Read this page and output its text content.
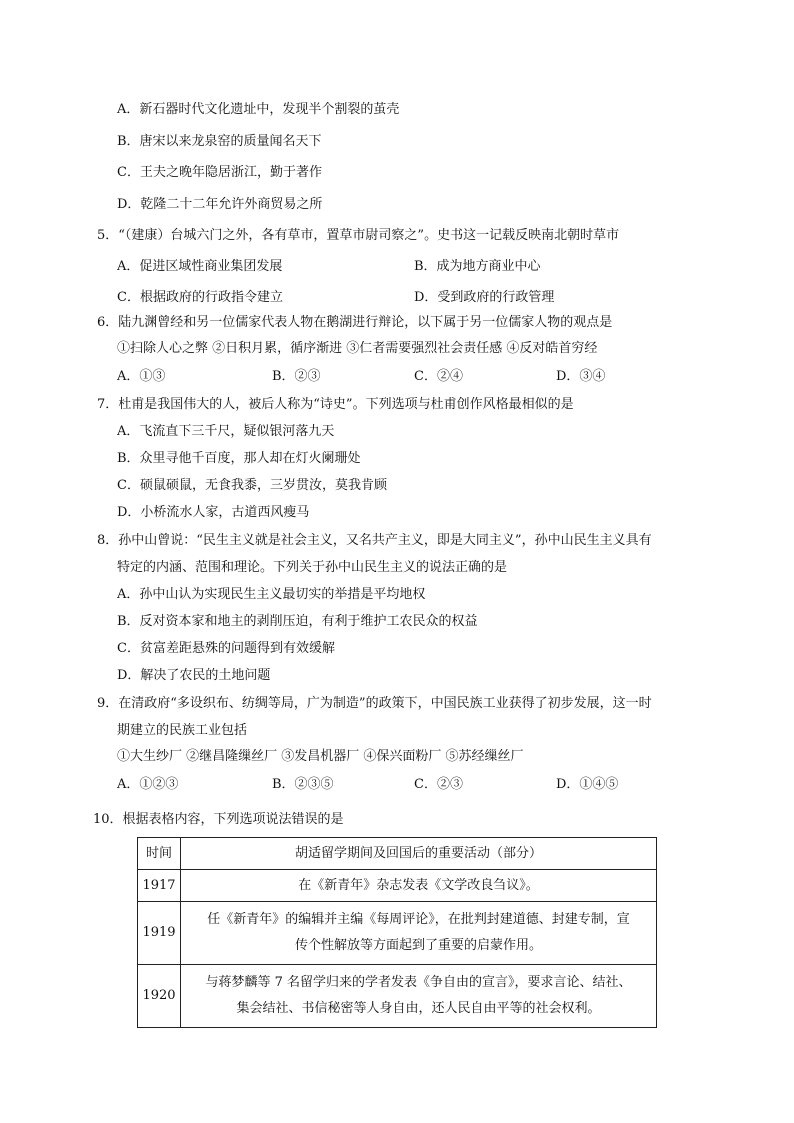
A．新石器时代文化遗址中，发现半个割裂的茧壳
B．唐宋以来龙泉窑的质量闻名天下
C．王夫之晚年隐居浙江，勤于著作
D．乾隆二十二年允许外商贸易之所
5．“（建康）台城六门之外，各有草市，置草市尉司察之”。史书这一记载反映南北朝时草市
A．促进区域性商业集团发展	B．成为地方商业中心
C．根据政府的行政指令建立	D．受到政府的行政管理
6．陆九渊曾经和另一位儒家代表人物在鹅湖进行辩论，以下属于另一位儒家人物的观点是
①扫除人心之弊 ②日积月累，循序渐进 ③仁者需要强烈社会责任感 ④反对皓首穷经
A．①③	B．②③	C．②④	D．③④
7．杜甫是我国伟大的人，被后人称为“诗史”。下列选项与杜甫创作风格最相似的是
A．飞流直下三千尺，疑似银河落九天
B．众里寻他千百度，那人却在灯火阑珊处
C．硕鼠硕鼠，无食我黍，三岁贯汝，莫我肯顾
D．小桥流水人家，古道西风瘦马
8．孙中山曾说：“民生主义就是社会主义，又名共产主义，即是大同主义”，孙中山民生主义具有
特定的内涵、范围和理论。下列关于孙中山民生主义的说法正确的是
A．孙中山认为实现民生主义最切实的举措是平均地权
B．反对资本家和地主的剥削压迫，有利于维护工农民众的权益
C．贫富差距悬殊的问题得到有效缓解
D．解决了农民的土地问题
9．在清政府“多设织布、纺绸等局，广为制造”的政策下，中国民族工业获得了初步发展，这一时
期建立的民族工业包括
①大生纱厂 ②继昌隆缫丝厂 ③发昌机器厂 ④保兴面粉厂 ⑤苏经缫丝厂
A．①②③	B．②③⑤	C．②③	D．①④⑤
10．根据表格内容，下列选项说法错误的是
时间	胡适留学期间及回国后的重要活动（部分）
1917	在《新青年》杂志发表《文学改良刍议》。

1919	任《新青年》的编辑并主编《每周评论》，在批判封建道德、封建专制，宣
传个性解放等方面起到了重要的启蒙作用。

1920	与蒋梦麟等 7 名留学归来的学者发表《争自由的宣言》，要求言论、结社、
集会结社、书信秘密等人身自由，还人民自由平等的社会权利。
